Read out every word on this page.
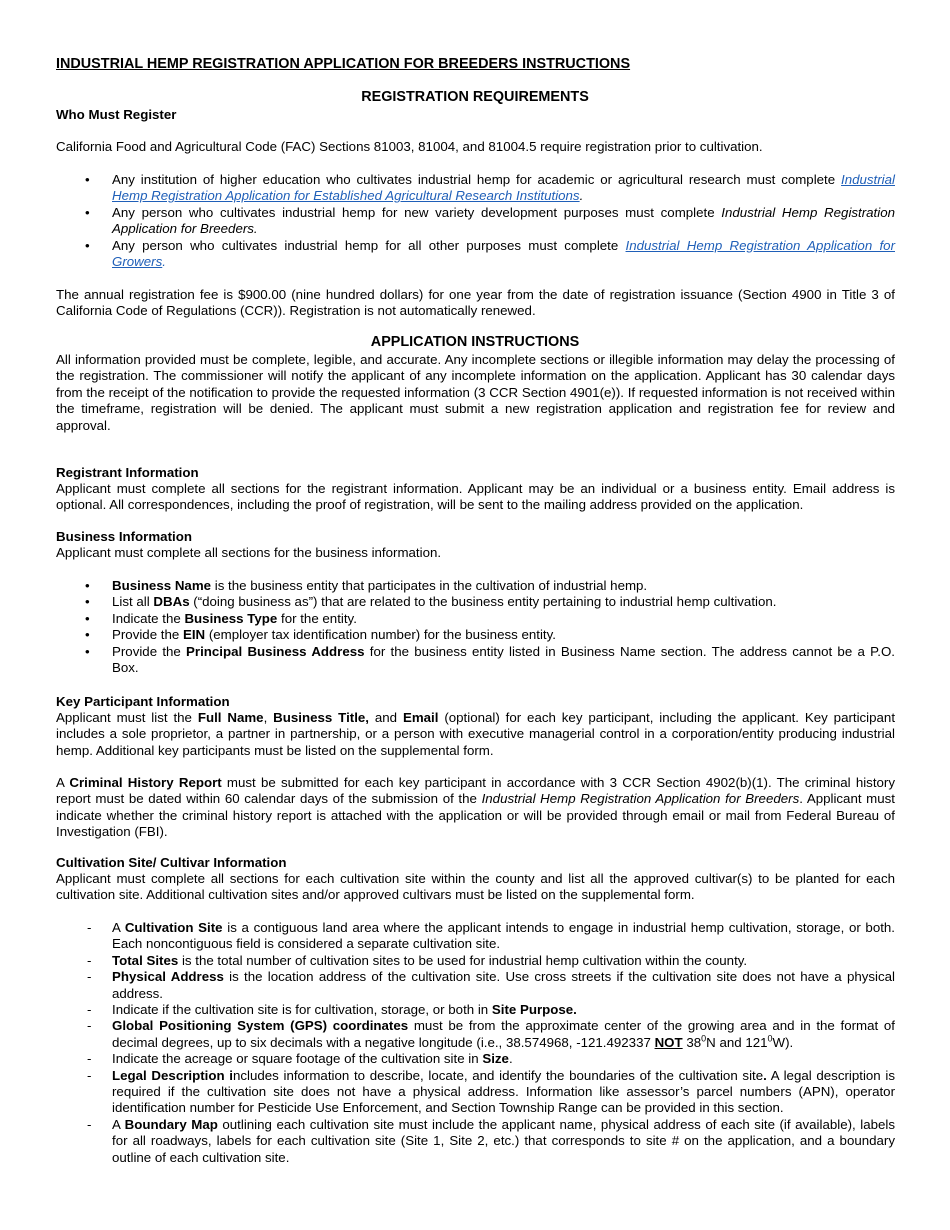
INDUSTRIAL HEMP REGISTRATION APPLICATION FOR BREEDERS INSTRUCTIONS
REGISTRATION REQUIREMENTS

Who Must Register

California Food and Agricultural Code (FAC) Sections 81003, 81004, and 81004.5 require registration prior to cultivation.

• Any institution of higher education who cultivates industrial hemp for academic or agricultural research must complete Industrial Hemp Registration Application for Established Agricultural Research Institutions.
• Any person who cultivates industrial hemp for new variety development purposes must complete Industrial Hemp Registration Application for Breeders.
• Any person who cultivates industrial hemp for all other purposes must complete Industrial Hemp Registration Application for Growers.

The annual registration fee is $900.00 (nine hundred dollars) for one year from the date of registration issuance (Section 4900 in Title 3 of California Code of Regulations (CCR)). Registration is not automatically renewed.

APPLICATION INSTRUCTIONS

All information provided must be complete, legible, and accurate. Any incomplete sections or illegible information may delay the processing of the registration. The commissioner will notify the applicant of any incomplete information on the application. Applicant has 30 calendar days from the receipt of the notification to provide the requested information (3 CCR Section 4901(e)). If requested information is not received within the timeframe, registration will be denied. The applicant must submit a new registration application and registration fee for review and approval.

Registrant Information

Applicant must complete all sections for the registrant information. Applicant may be an individual or a business entity. Email address is optional. All correspondences, including the proof of registration, will be sent to the mailing address provided on the application.

Business Information

Applicant must complete all sections for the business information.

• Business Name is the business entity that participates in the cultivation of industrial hemp.
• List all DBAs (“doing business as”) that are related to the business entity pertaining to industrial hemp cultivation.
• Indicate the Business Type for the entity.
• Provide the EIN (employer tax identification number) for the business entity.
• Provide the Principal Business Address for the business entity listed in Business Name section. The address cannot be a P.O. Box.

Key Participant Information

Applicant must list the Full Name, Business Title, and Email (optional) for each key participant, including the applicant. Key participant includes a sole proprietor, a partner in partnership, or a person with executive managerial control in a corporation/entity producing industrial hemp. Additional key participants must be listed on the supplemental form.

A Criminal History Report must be submitted for each key participant in accordance with 3 CCR Section 4902(b)(1). The criminal history report must be dated within 60 calendar days of the submission of the Industrial Hemp Registration Application for Breeders. Applicant must indicate whether the criminal history report is attached with the application or will be provided through email or mail from Federal Bureau of Investigation (FBI).

Cultivation Site/ Cultivar Information

Applicant must complete all sections for each cultivation site within the county and list all the approved cultivar(s) to be planted for each cultivation site. Additional cultivation sites and/or approved cultivars must be listed on the supplemental form.

- A Cultivation Site is a contiguous land area where the applicant intends to engage in industrial hemp cultivation, storage, or both. Each noncontiguous field is considered a separate cultivation site.
- Total Sites is the total number of cultivation sites to be used for industrial hemp cultivation within the county.
- Physical Address is the location address of the cultivation site. Use cross streets if the cultivation site does not have a physical address.
- Indicate if the cultivation site is for cultivation, storage, or both in Site Purpose.
- Global Positioning System (GPS) coordinates must be from the approximate center of the growing area and in the format of decimal degrees, up to six decimals with a negative longitude (i.e., 38.574968, -121.492337 NOT $38^0N$ and $121^0W$).
- Indicate the acreage or square footage of the cultivation site in Size.
- Legal Description includes information to describe, locate, and identify the boundaries of the cultivation site. A legal description is required if the cultivation site does not have a physical address. Information like assessor’s parcel numbers (APN), operator identification number for Pesticide Use Enforcement, and Section Township Range can be provided in this section.
- A Boundary Map outlining each cultivation site must include the applicant name, physical address of each site (if available), labels for all roadways, labels for each cultivation site (Site 1, Site 2, etc.) that corresponds to site # on the application, and a boundary outline of each cultivation site.
